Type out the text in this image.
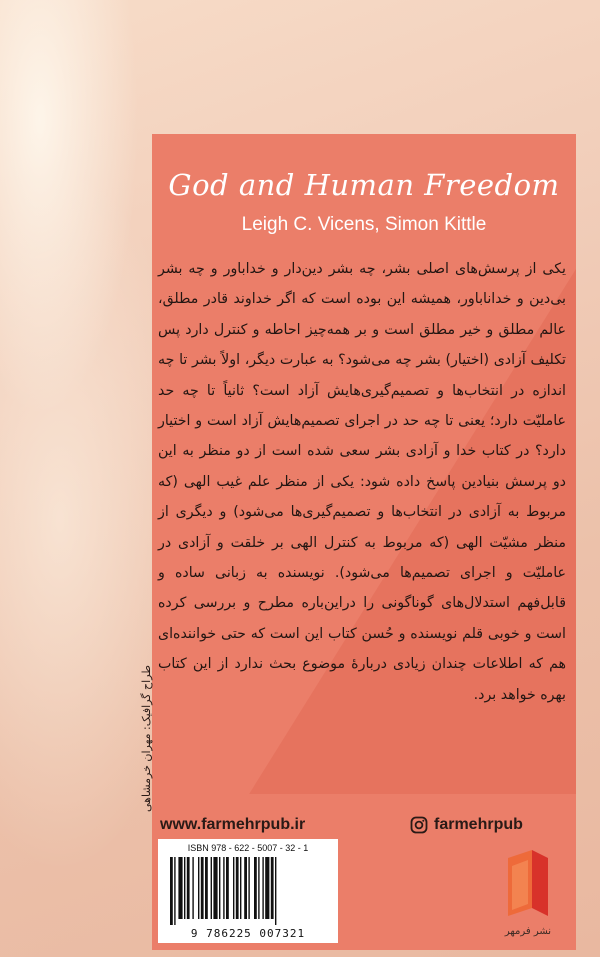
God and Human Freedom
Leigh C. Vicens, Simon Kittle
یکی از پرسش‌های اصلی بشر، چه بشر دین‌دار و خداباور و چه بشر بی‌دین و خداناباور، همیشه این بوده است که اگر خداوند قادر مطلق، عالم مطلق و خیر مطلق است و بر همه‌چیز احاطه و کنترل دارد پس تکلیف آزادی (اختیار) بشر چه می‌شود؟ به عبارت دیگر، اولاً بشر تا چه اندازه در انتخاب‌ها و تصمیم‌گیری‌هایش آزاد است؟ ثانیاً تا چه حد عاملیّت دارد؛ یعنی تا چه حد در اجرای تصمیم‌هایش آزاد است و اختیار دارد؟ در کتاب خدا و آزادی بشر سعی شده است از دو منظر به این دو پرسش بنیادین پاسخ داده شود: یکی از منظر علم غیب الهی (که مربوط به آزادی در انتخاب‌ها و تصمیم‌گیری‌ها می‌شود) و دیگری از منظر مشیّت الهی (که مربوط به کنترل الهی بر خلقت و آزادی در عاملیّت و اجرای تصمیم‌ها می‌شود). نویسنده به زبانی ساده و قابل‌فهم استدلال‌های گوناگونی را دراین‌باره مطرح و بررسی کرده است و خوبی قلم نویسنده و حُسن کتاب این است که حتی خواننده‌ای هم که اطلاعات چندان زیادی دربارهٔ موضوع بحث ندارد از این کتاب بهره خواهد برد.
www.farmehrpub.ir	farmehrpub
ISBN 978 - 622 - 5007 - 32 - 1
9 786225 007321	نشر فرمهر
طراح گرافیک: مهران خرمشاهی
